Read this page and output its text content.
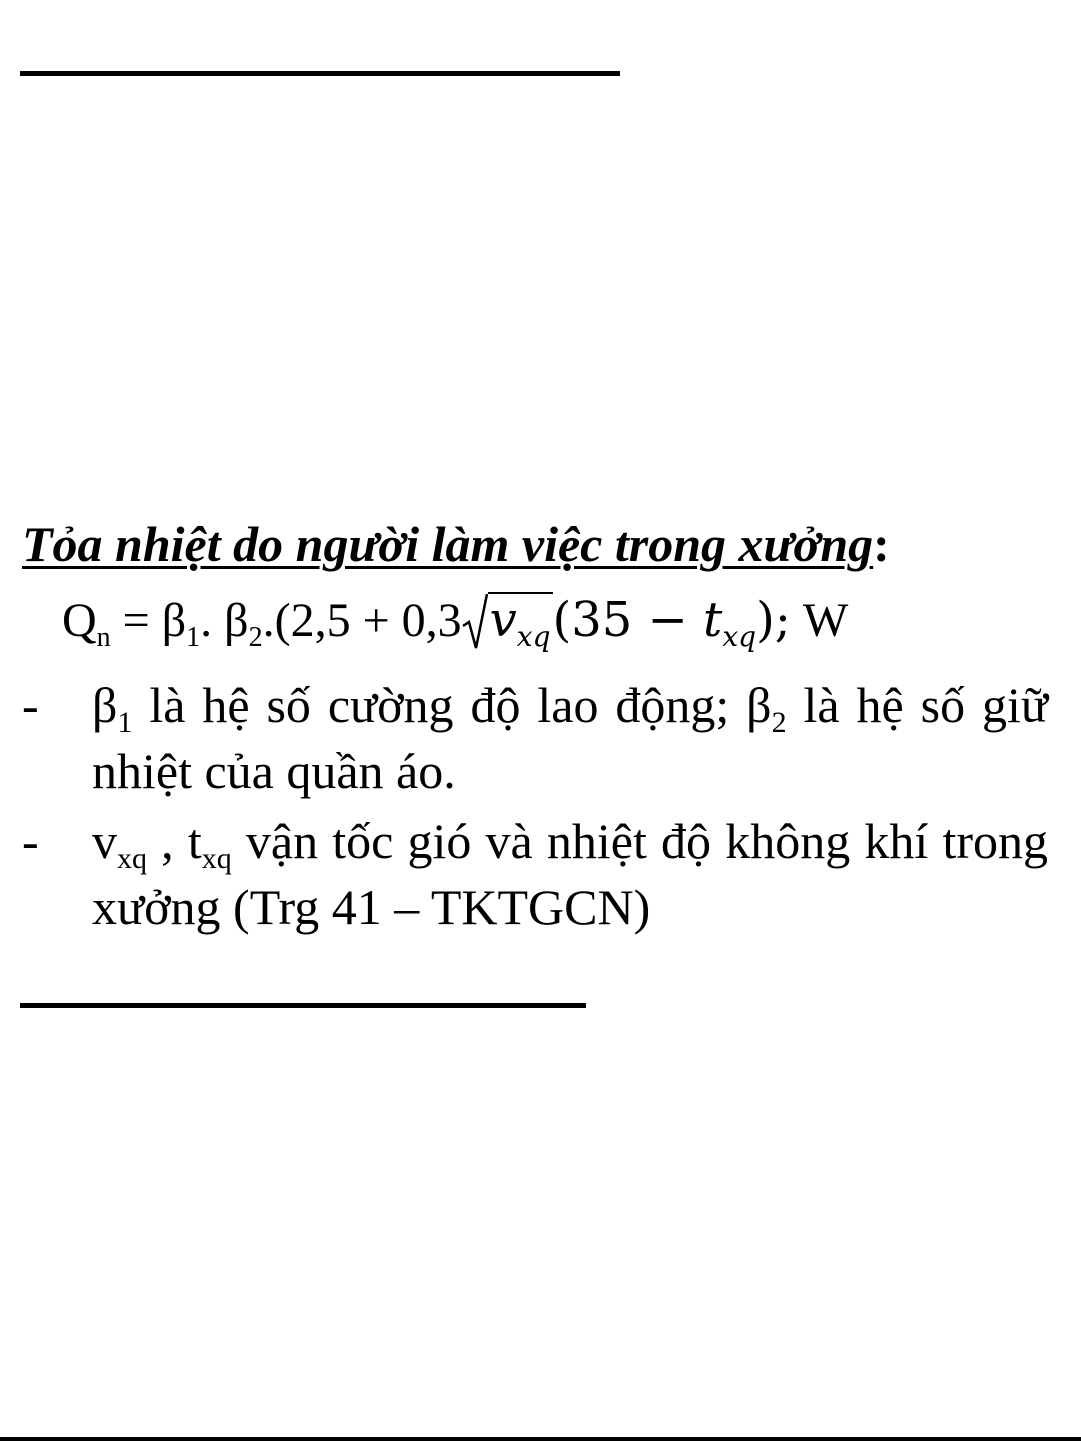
Tỏa nhiệt do người làm việc trong xưởng:
$Q_n = \beta_1$. $\beta_2.(2,5 + 0,3$ $v_{xq}(35 - t_{xq})$; W
- $\beta_1$ là hệ số cường độ lao động; $\beta_2$ là hệ số giữ nhiệt của quần áo.
- $v_{xq}$ , $t_{xq}$ vận tốc gió và nhiệt độ không khí trong xưởng (Trg 41 – TKTGCN)
